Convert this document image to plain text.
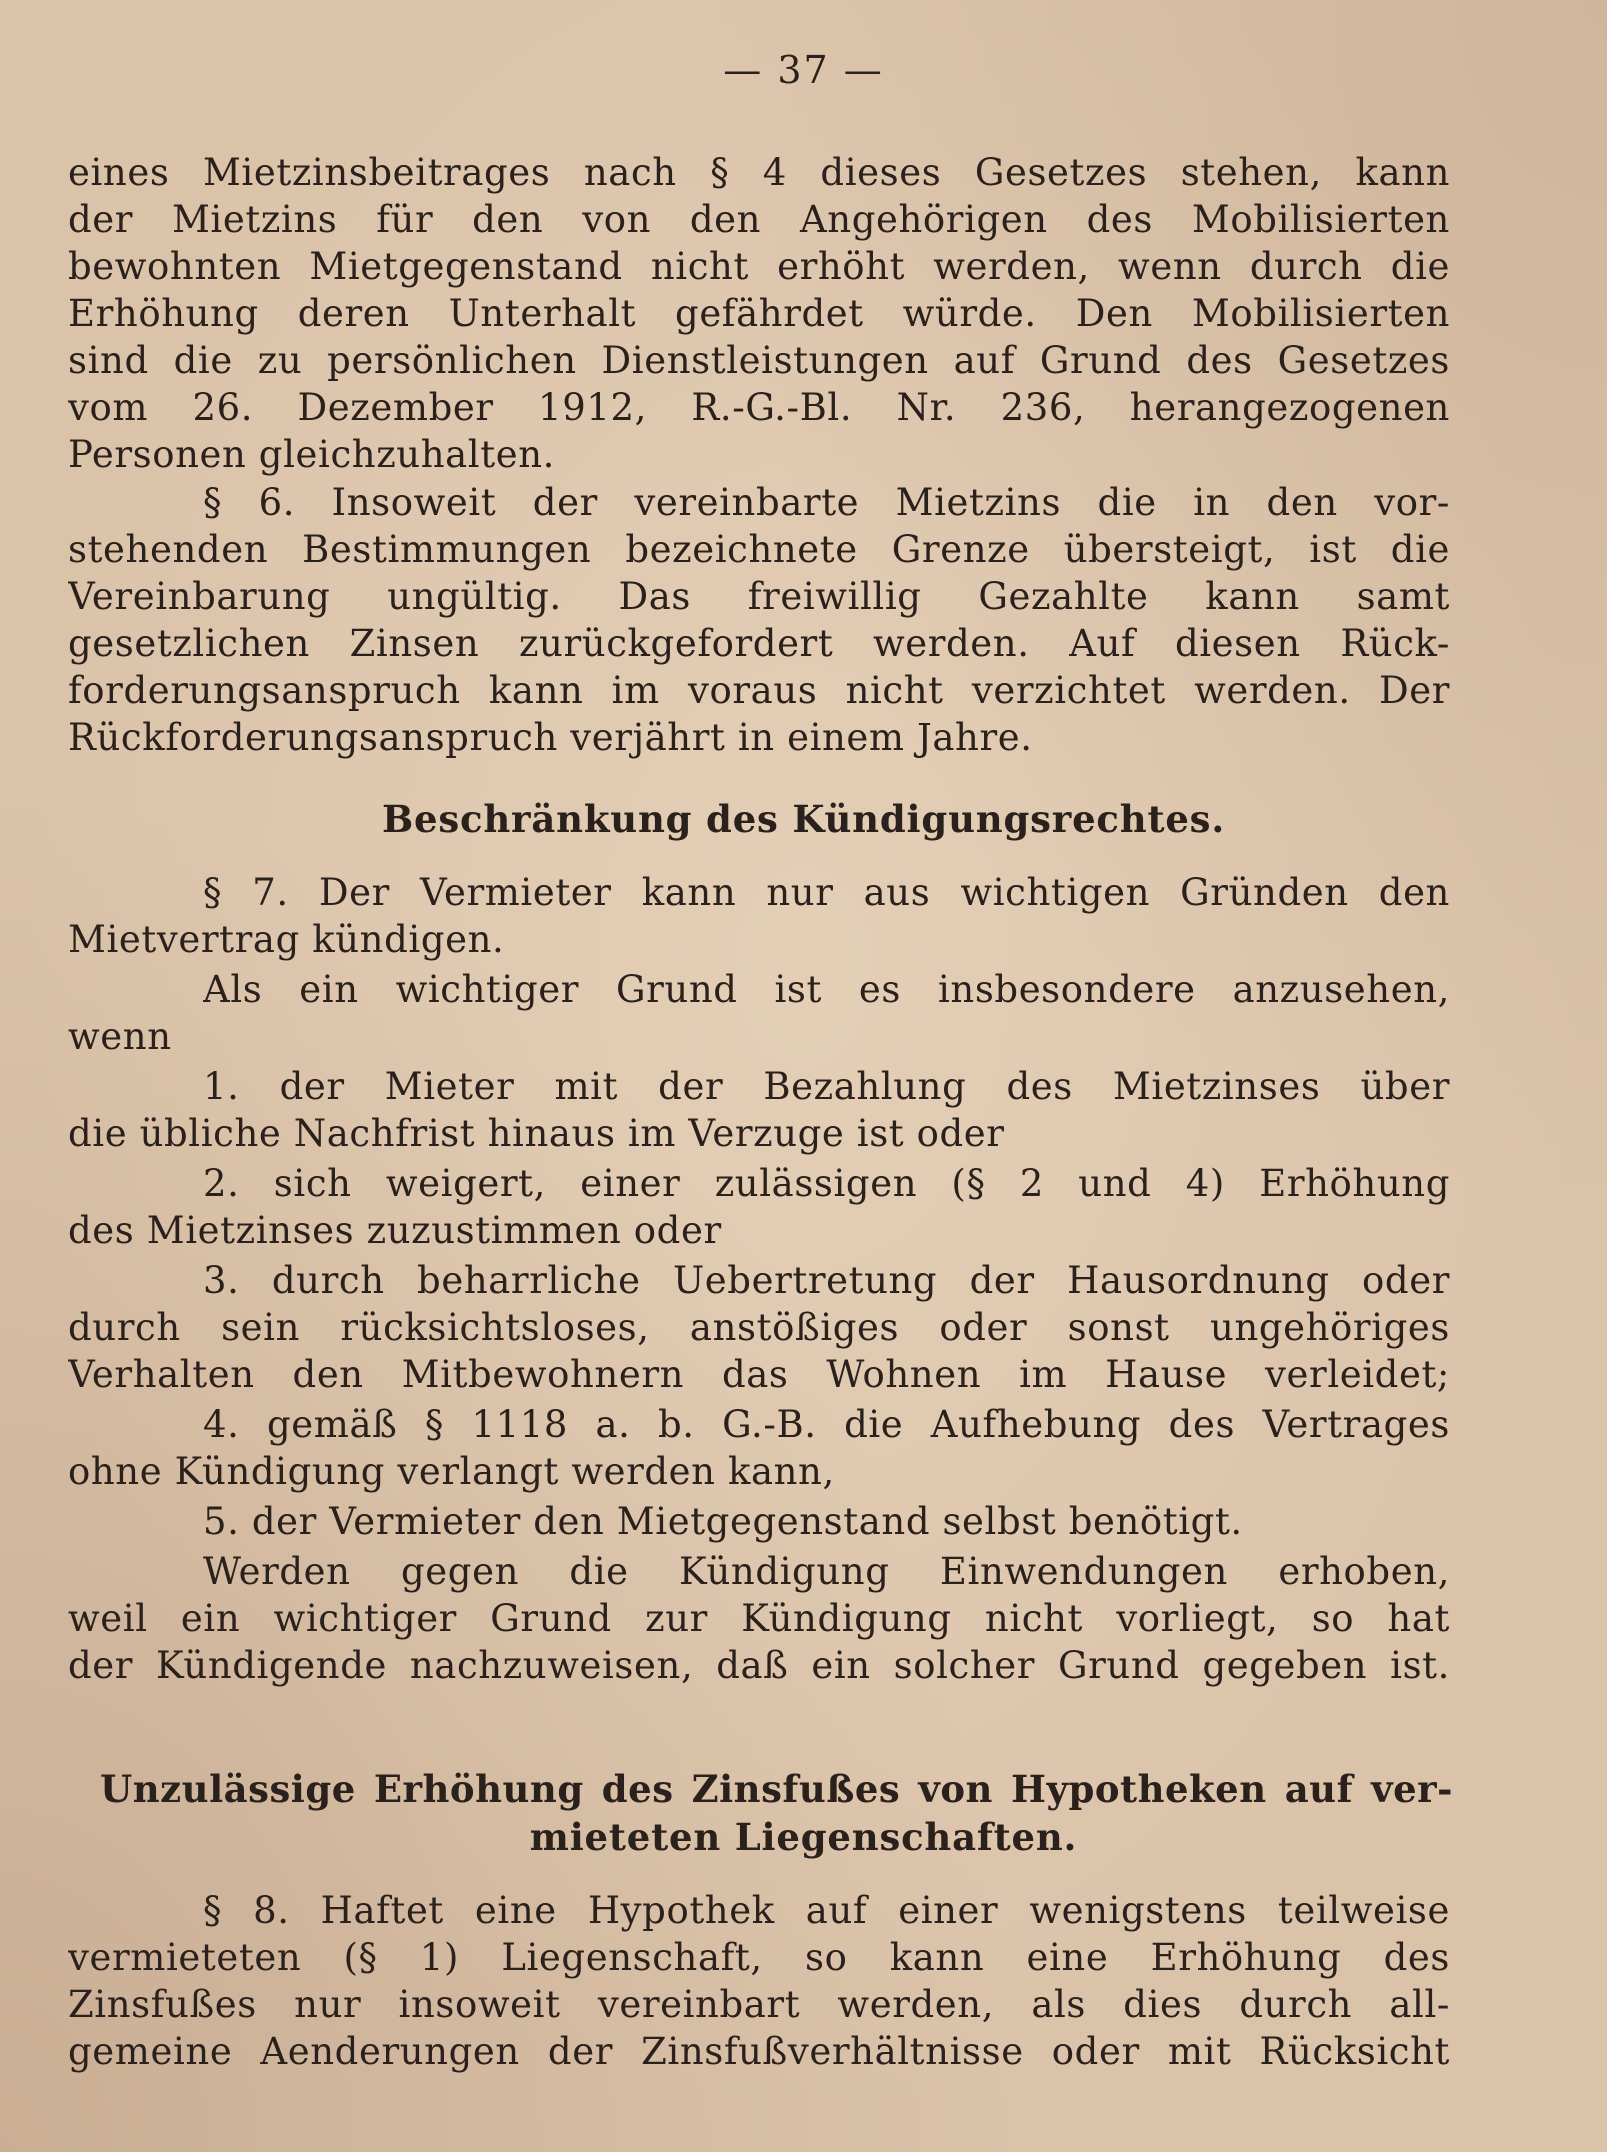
— 37 —
eines Mietzinsbeitrages nach § 4 dieses Gesetzes stehen, kann
der Mietzins für den von den Angehörigen des Mobilisierten
bewohnten Mietgegenstand nicht erhöht werden, wenn durch die
Erhöhung deren Unterhalt gefährdet würde. Den Mobilisierten
sind die zu persönlichen Dienstleistungen auf Grund des Gesetzes
vom 26. Dezember 1912, R.-G.-Bl. Nr. 236, herangezogenen
Personen gleichzuhalten.
§ 6. Insoweit der vereinbarte Mietzins die in den vor-
stehenden Bestimmungen bezeichnete Grenze übersteigt, ist die
Vereinbarung ungültig. Das freiwillig Gezahlte kann samt
gesetzlichen Zinsen zurückgefordert werden. Auf diesen Rück-
forderungsanspruch kann im voraus nicht verzichtet werden. Der
Rückforderungsanspruch verjährt in einem Jahre.
Beschränkung des Kündigungsrechtes.
§ 7. Der Vermieter kann nur aus wichtigen Gründen den
Mietvertrag kündigen.
Als ein wichtiger Grund ist es insbesondere anzusehen,
wenn
1. der Mieter mit der Bezahlung des Mietzinses über
die übliche Nachfrist hinaus im Verzuge ist oder
2. sich weigert, einer zulässigen (§ 2 und 4) Erhöhung
des Mietzinses zuzustimmen oder
3. durch beharrliche Uebertretung der Hausordnung oder
durch sein rücksichtsloses, anstößiges oder sonst ungehöriges
Verhalten den Mitbewohnern das Wohnen im Hause verleidet;
4. gemäß § 1118 a. b. G.-B. die Aufhebung des Vertrages
ohne Kündigung verlangt werden kann,
5. der Vermieter den Mietgegenstand selbst benötigt.
Werden gegen die Kündigung Einwendungen erhoben,
weil ein wichtiger Grund zur Kündigung nicht vorliegt, so hat
der Kündigende nachzuweisen, daß ein solcher Grund gegeben ist.
Unzulässige Erhöhung des Zinsfußes von Hypotheken auf ver-
mieteten Liegenschaften.
§ 8. Haftet eine Hypothek auf einer wenigstens teilweise
vermieteten (§ 1) Liegenschaft, so kann eine Erhöhung des
Zinsfußes nur insoweit vereinbart werden, als dies durch all-
gemeine Aenderungen der Zinsfußverhältnisse oder mit Rücksicht
